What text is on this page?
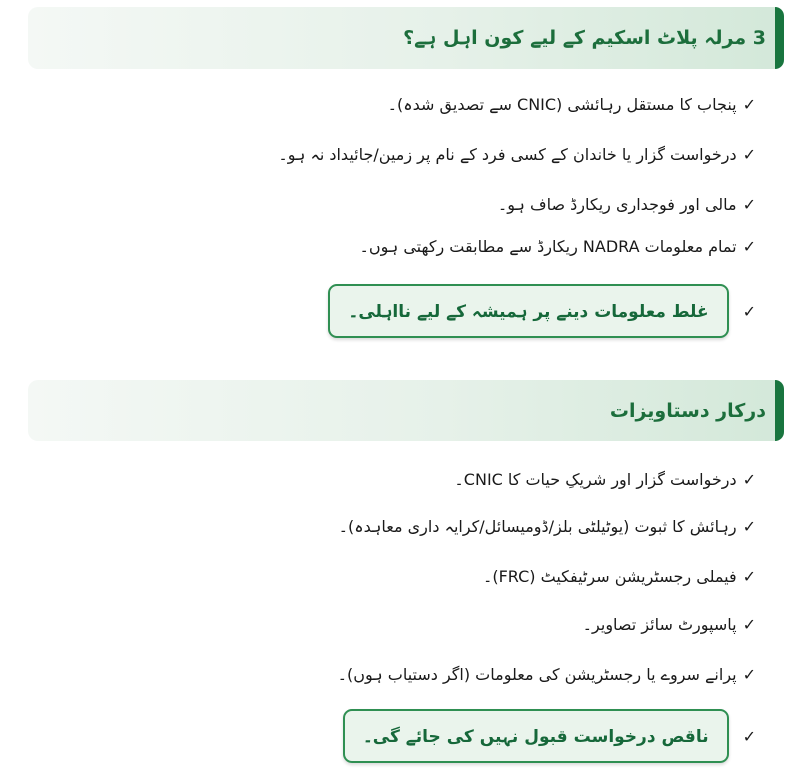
3 مرلہ پلاٹ اسکیم کے لیے کون اہل ہے؟
✓
پنجاب کا مستقل رہائشی (CNIC سے تصدیق شدہ)۔
✓
درخواست گزار یا خاندان کے کسی فرد کے نام پر زمین/جائیداد نہ ہو۔
✓
مالی اور فوجداری ریکارڈ صاف ہو۔
✓
تمام معلومات NADRA ریکارڈ سے مطابقت رکھتی ہوں۔
✓
غلط معلومات دینے پر ہمیشہ کے لیے نااہلی۔
درکار دستاویزات
✓
درخواست گزار اور شریکِ حیات کا CNIC۔
✓
رہائش کا ثبوت (یوٹیلٹی بلز/ڈومیسائل/کرایہ داری معاہدہ)۔
✓
فیملی رجسٹریشن سرٹیفکیٹ (FRC)۔
✓
پاسپورٹ سائز تصاویر۔
✓
پرانے سروے یا رجسٹریشن کی معلومات (اگر دستیاب ہوں)۔
✓
ناقص درخواست قبول نہیں کی جائے گی۔
